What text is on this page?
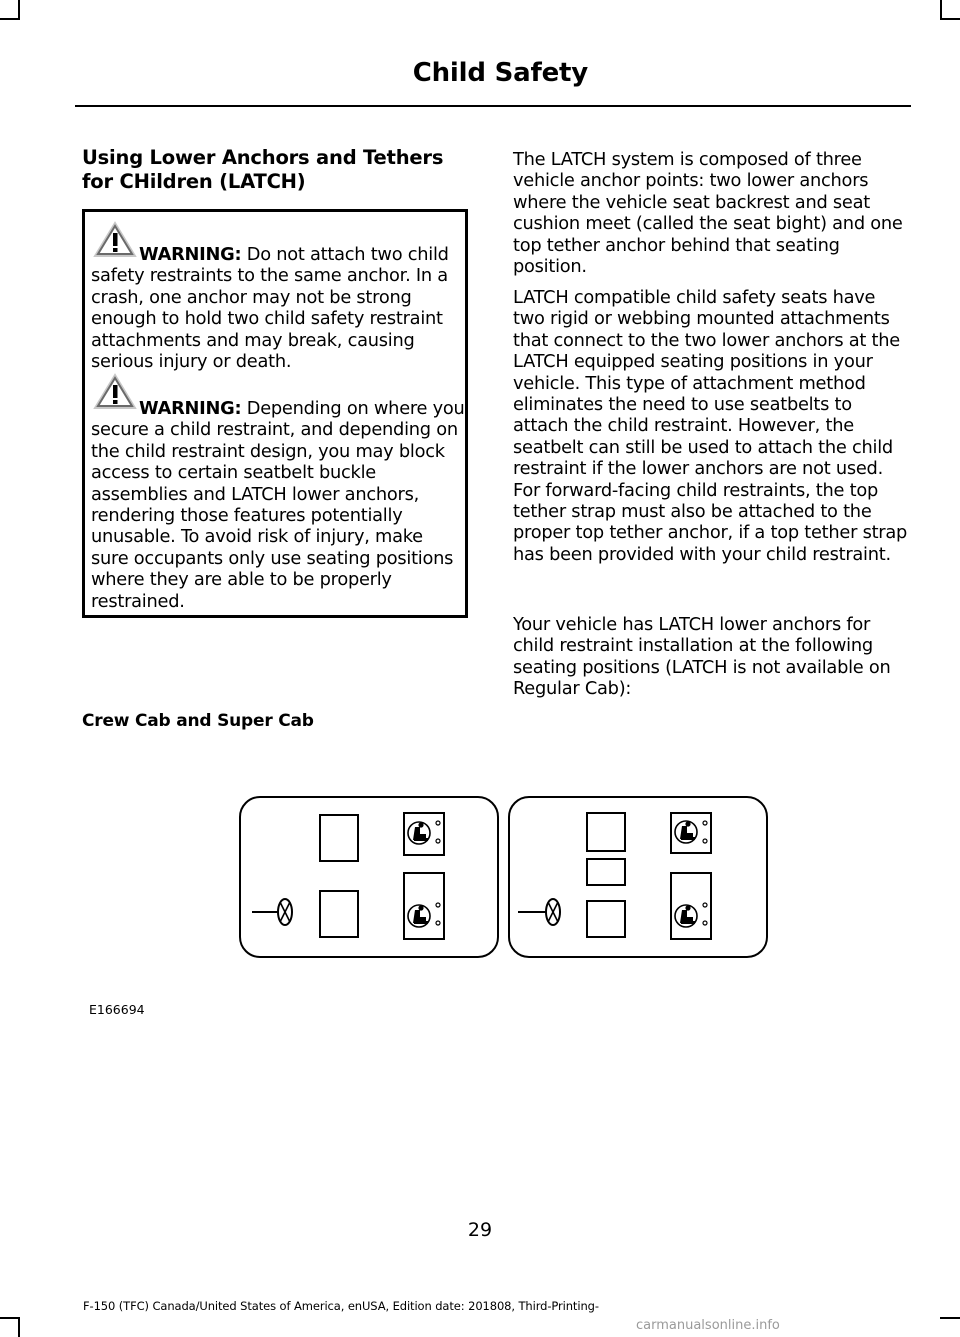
Child Safety
Using Lower Anchors and Tethers for CHildren (LATCH)
WARNING: Do not attach two child safety restraints to the same anchor. In a crash, one anchor may not be strong enough to hold two child safety restraint attachments and may break, causing serious injury or death.
WARNING: Depending on where you secure a child restraint, and depending on the child restraint design, you may block access to certain seatbelt buckle assemblies and LATCH lower anchors, rendering those features potentially unusable. To avoid risk of injury, make sure occupants only use seating positions where they are able to be properly restrained.
The LATCH system is composed of three vehicle anchor points: two lower anchors where the vehicle seat backrest and seat cushion meet (called the seat bight) and one top tether anchor behind that seating position.
LATCH compatible child safety seats have two rigid or webbing mounted attachments that connect to the two lower anchors at the LATCH equipped seating positions in your vehicle. This type of attachment method eliminates the need to use seatbelts to attach the child restraint. However, the seatbelt can still be used to attach the child restraint if the lower anchors are not used. For forward-facing child restraints, the top tether strap must also be attached to the proper top tether anchor, if a top tether strap has been provided with your child restraint.
Your vehicle has LATCH lower anchors for child restraint installation at the following seating positions (LATCH is not available on Regular Cab):
Crew Cab and Super Cab
E166694
29
F-150 (TFC) Canada/United States of America, enUSA, Edition date: 201808, Third-Printing-
carmanualsonline.info
